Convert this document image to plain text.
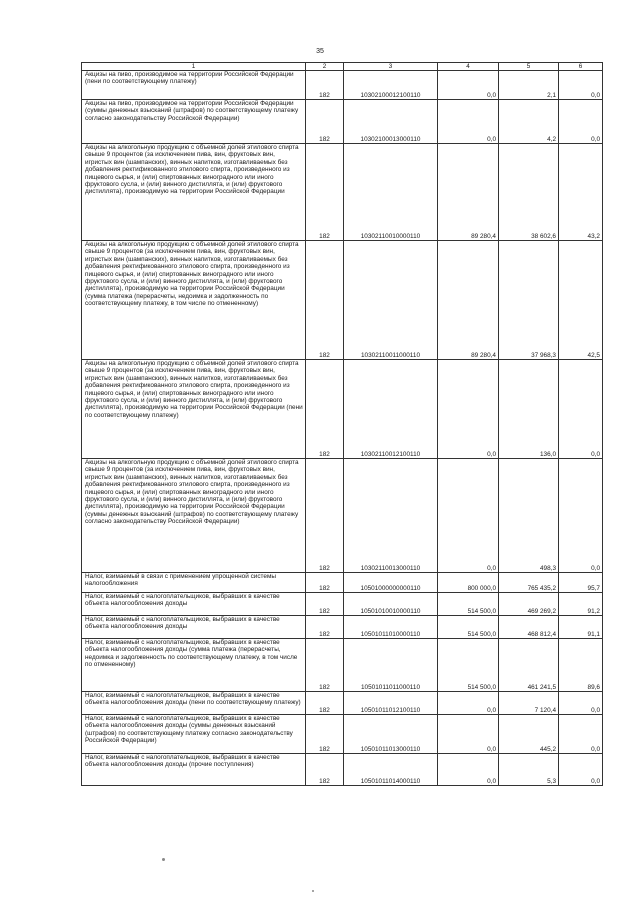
35
1	2	3	4	5	6
Акцизы на пиво, производимое на территории Российской Федерации (пени по соответствующему платежу)	182	10302100012100110	0,0	2,1	0,0
Акцизы на пиво, производимое на территории Российской Федерации (суммы денежных взысканий (штрафов) по соответствующему платежу согласно законодательству Российской Федерации)	182	10302100013000110	0,0	4,2	0,0
Акцизы на алкогольную продукцию с объемной долей этилового спирта свыше 9 процентов (за исключением пива, вин, фруктовых вин, игристых вин (шампанских), винных напитков, изготавливаемых без добавления ректификованного этилового спирта, произведенного из пищевого сырья, и (или) спиртованных виноградного или иного фруктового сусла, и (или) винного дистиллята, и (или) фруктового дистиллята), производимую на территории Российской Федерации	182	10302110010000110	89 280,4	38 602,6	43,2
Акцизы на алкогольную продукцию с объемной долей этилового спирта свыше 9 процентов (за исключением пива, вин, фруктовых вин, игристых вин (шампанских), винных напитков, изготавливаемых без добавления ректификованного этилового спирта, произведенного из пищевого сырья, и (или) спиртованных виноградного или иного фруктового сусла, и (или) винного дистиллята, и (или) фруктового дистиллята), производимую на территории Российской Федерации (сумма платежа (перерасчеты, недоимка и задолженность по соответствующему платежу, в том числе по отмененному)	182	10302110011000110	89 280,4	37 968,3	42,5
Акцизы на алкогольную продукцию с объемной долей этилового спирта свыше 9 процентов (за исключением пива, вин, фруктовых вин, игристых вин (шампанских), винных напитков, изготавливаемых без добавления ректификованного этилового спирта, произведенного из пищевого сырья, и (или) спиртованных виноградного или иного фруктового сусла, и (или) винного дистиллята, и (или) фруктового дистиллята), производимую на территории Российской Федерации (пени по соответствующему платежу)	182	10302110012100110	0,0	136,0	0,0
Акцизы на алкогольную продукцию с объемной долей этилового спирта свыше 9 процентов (за исключением пива, вин, фруктовых вин, игристых вин (шампанских), винных напитков, изготавливаемых без добавления ректификованного этилового спирта, произведенного из пищевого сырья, и (или) спиртованных виноградного или иного фруктового сусла, и (или) винного дистиллята, и (или) фруктового дистиллята), производимую на территории Российской Федерации (суммы денежных взысканий (штрафов) по соответствующему платежу согласно законодательству Российской Федерации)	182	10302110013000110	0,0	498,3	0,0
Налог, взимаемый в связи с применением упрощенной системы налогообложения	182	10501000000000110	800 000,0	765 435,2	95,7
Налог, взимаемый с налогоплательщиков, выбравших в качестве объекта налогообложения доходы	182	10501010010000110	514 500,0	469 269,2	91,2
Налог, взимаемый с налогоплательщиков, выбравших в качестве объекта налогообложения доходы	182	10501011010000110	514 500,0	468 812,4	91,1
Налог, взимаемый с налогоплательщиков, выбравших в качестве объекта налогообложения доходы (сумма платежа (перерасчеты, недоимка и задолженность по соответствующему платежу, в том числе по отмененному)	182	10501011011000110	514 500,0	461 241,5	89,6
Налог, взимаемый с налогоплательщиков, выбравших в качестве объекта налогообложения доходы (пени по соответствующему платежу)	182	10501011012100110	0,0	7 120,4	0,0
Налог, взимаемый с налогоплательщиков, выбравших в качестве объекта налогообложения доходы (суммы денежных взысканий (штрафов) по соответствующему платежу согласно законодательству Российской Федерации)	182	10501011013000110	0,0	445,2	0,0
Налог, взимаемый с налогоплательщиков, выбравших в качестве объекта налогообложения доходы (прочие поступления)	182	10501011014000110	0,0	5,3	0,0
